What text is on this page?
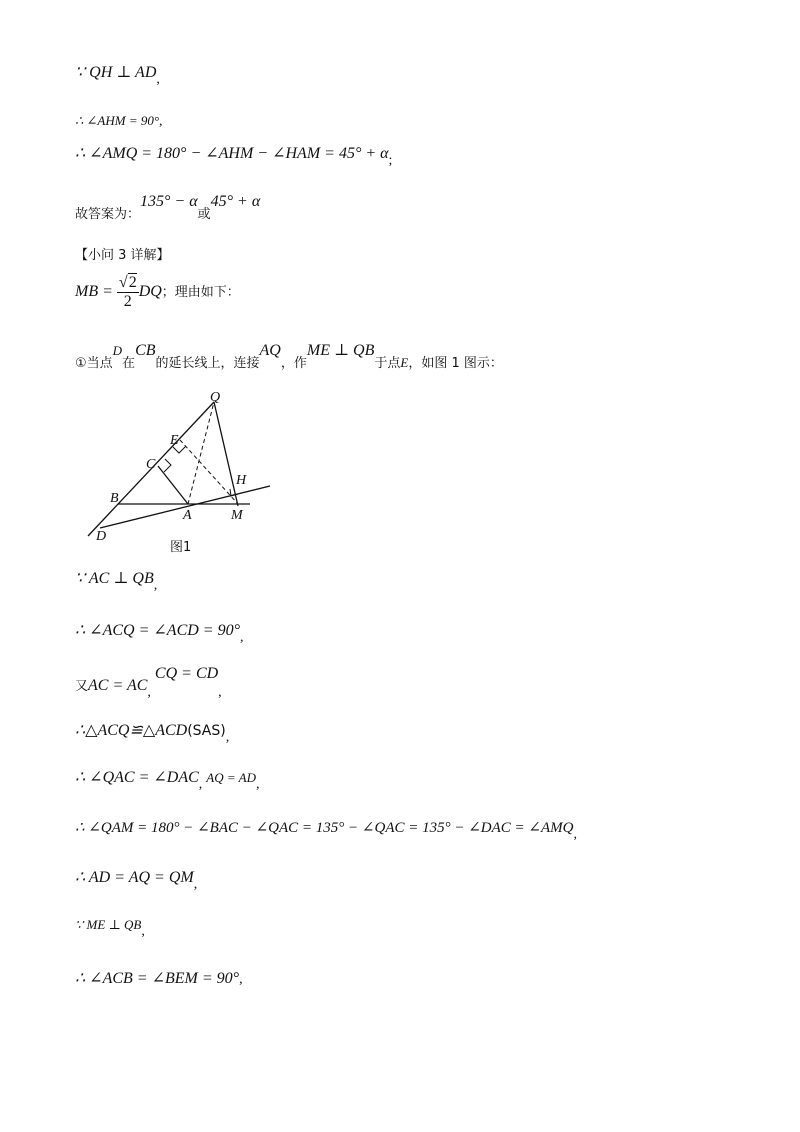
∵ QH ⊥ AD,
∴ ∠AHM = 90°,
∴ ∠AMQ = 180° − ∠AHM − ∠HAM = 45° + α;
故答案为：135° − α或45° + α
【小问 3 详解】
MB = $\frac{√2}{2}$ DQ；理由如下：
①当点$^D$在CB的延长线上，连接AQ，作ME ⊥ QB于点E，如图 1 图示：
Q
E
C
H
B
A	M
D
图1
∵ AC ⊥ QB,
∴ ∠ACQ = ∠ACD = 90°,
又AC = AC, CQ = CD,
∴△ACQ≌△ACD(SAS),
∴ ∠QAC = ∠DAC, AQ = AD,
∴ ∠QAM = 180° − ∠BAC − ∠QAC = 135° − ∠QAC = 135° − ∠DAC = ∠AMQ,
∴ AD = AQ = QM,
∵ ME ⊥ QB,
∴ ∠ACB = ∠BEM = 90°,
